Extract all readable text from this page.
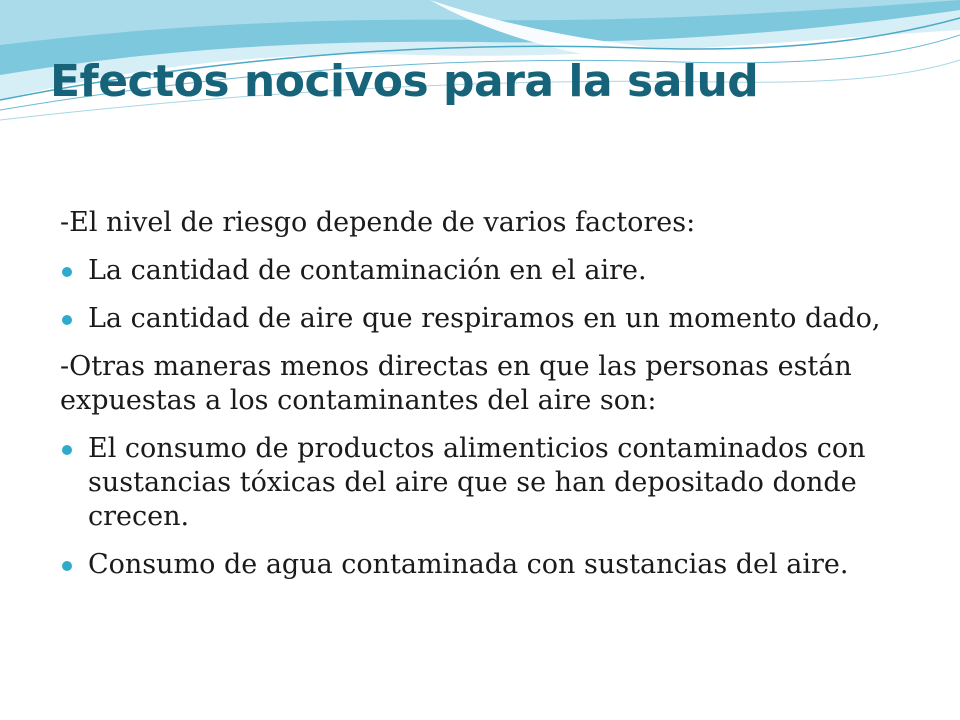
Efectos nocivos para la salud

-El nivel de riesgo depende de varios factores:

La cantidad de contaminación en el aire.
La cantidad de aire que respiramos en un momento dado,

-Otras maneras menos directas en que las personas están expuestas a los contaminantes del aire son:

El consumo de productos alimenticios contaminados con sustancias tóxicas del aire que se han depositado donde crecen.
Consumo de agua contaminada con sustancias del aire.
